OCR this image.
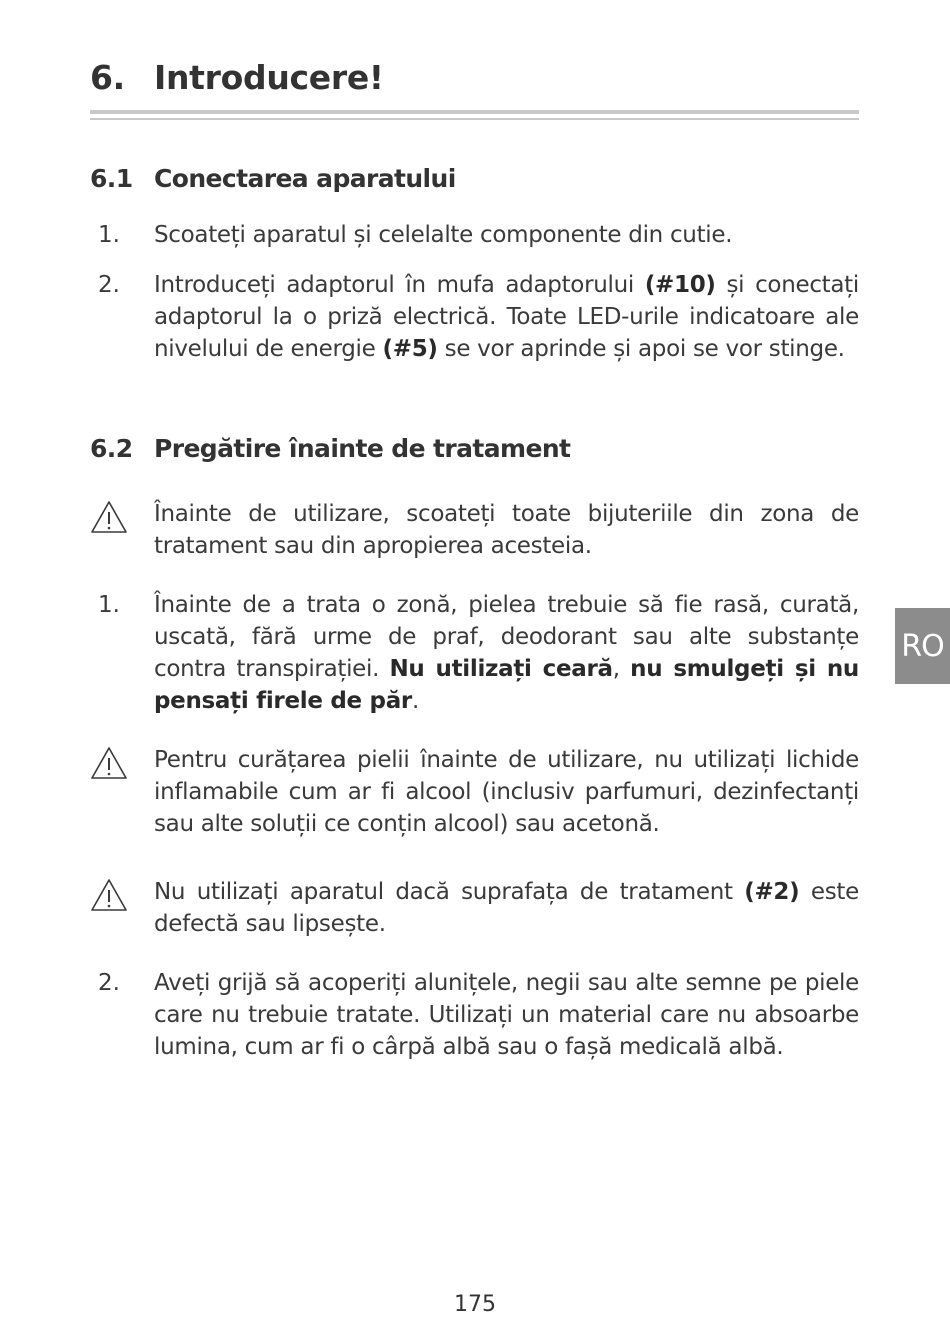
6. Introducere!
6.1 Conectarea aparatului
1.	Scoateți aparatul și celelalte componente din cutie.
2.	Introduceți adaptorul în mufa adaptorului (#10) și conectați adaptorul la o priză electrică. Toate LED-urile indicatoare ale nivelului de energie (#5) se vor aprinde și apoi se vor stinge.
6.2 Pregătire înainte de tratament
Înainte de utilizare, scoateți toate bijuteriile din zona de tratament sau din apropierea acesteia.
1.	Înainte de a trata o zonă, pielea trebuie să fie rasă, curată, uscată, fără urme de praf, deodorant sau alte substanțe contra transpirației. Nu utilizați ceară, nu smulgeți și nu pensați firele de păr.
Pentru curățarea pielii înainte de utilizare, nu utilizați lichide inflamabile cum ar fi alcool (inclusiv parfumuri, dezinfectanți sau alte soluții ce conțin alcool) sau acetonă.
Nu utilizați aparatul dacă suprafața de tratament (#2) este defectă sau lipsește.
2.	Aveți grijă să acoperiți alunițele, negii sau alte semne pe piele care nu trebuie tratate. Utilizați un material care nu absoarbe lumina, cum ar fi o cârpă albă sau o fașă medicală albă.
RO
175
